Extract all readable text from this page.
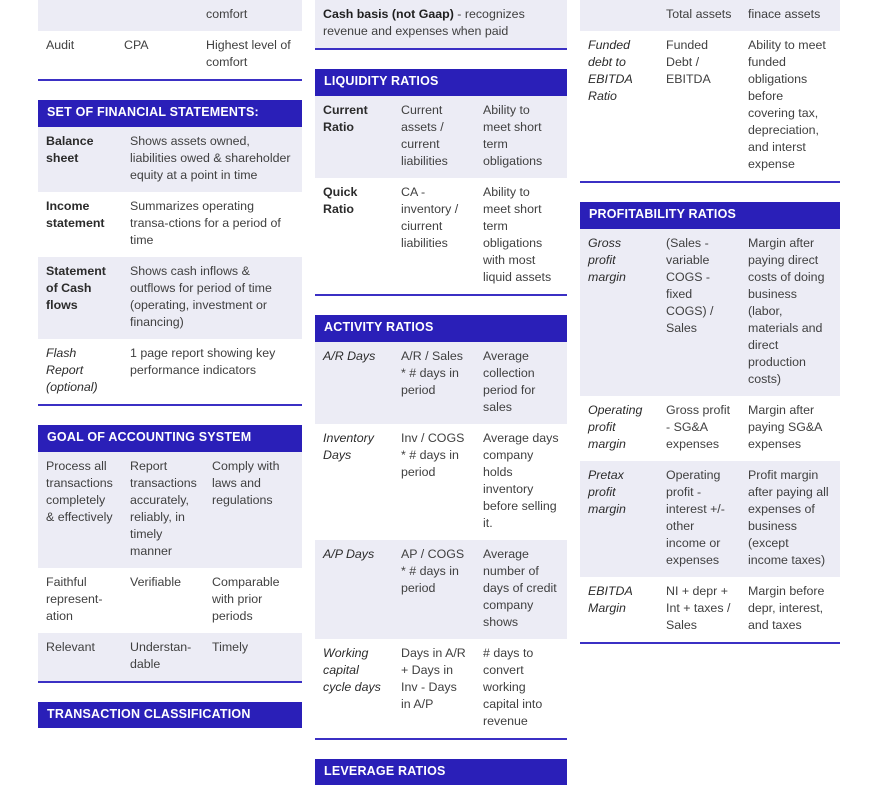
		comfort
Audit	CPA	Highest level of comfort
SET OF FINANCIAL STATEMENTS:
Balance sheet	Shows assets owned, liabilities owed & shareholder equity at a point in time
Income statement	Summarizes operating transa-ctions for a period of time
Statement of Cash flows	Shows cash inflows & outflows for period of time (operating, investment or financing)
Flash Report (optional)	1 page report showing key performance indicators
GOAL OF ACCOUNTING SYSTEM
Process all transactions completely & effectively	Report transactions accurately, reliably, in timely manner	Comply with laws and regulations
Faithful represent-ation	Verifiable	Comparable with prior periods
Relevant	Understan-dable	Timely
TRANSACTION CLASSIFICATION
Cash basis (not Gaap) - recognizes revenue and expenses when paid
LIQUIDITY RATIOS
Current Ratio	Current assets / current liabilities	Ability to meet short term obligations
Quick Ratio	CA - inventory / ciurrent liabilities	Ability to meet short term obligations with most liquid assets
ACTIVITY RATIOS
A/R Days	A/R / Sales * # days in period	Average collection period for sales
Inventory Days	Inv / COGS * # days in period	Average days company holds inventory before selling it.
A/P Days	AP / COGS * # days in period	Average number of days of credit company shows
Working capital cycle days	Days in A/R + Days in Inv - Days in A/P	# days to convert working capital into revenue
LEVERAGE RATIOS
	Total assets	finace assets
Funded debt to EBITDA Ratio	Funded Debt / EBITDA	Ability to meet funded obligations before covering tax, depreciation, and interst expense
PROFITABILITY RATIOS
Gross profit margin	(Sales - variable COGS - fixed COGS) / Sales	Margin after paying direct costs of doing business (labor, materials and direct production costs)
Operating profit margin	Gross profit - SG&A expenses	Margin after paying SG&A expenses
Pretax profit margin	Operating profit - interest +/- other income or expenses	Profit margin after paying all expenses of business (except income taxes)
EBITDA Margin	NI + depr + Int + taxes / Sales	Margin before depr, interest, and taxes
